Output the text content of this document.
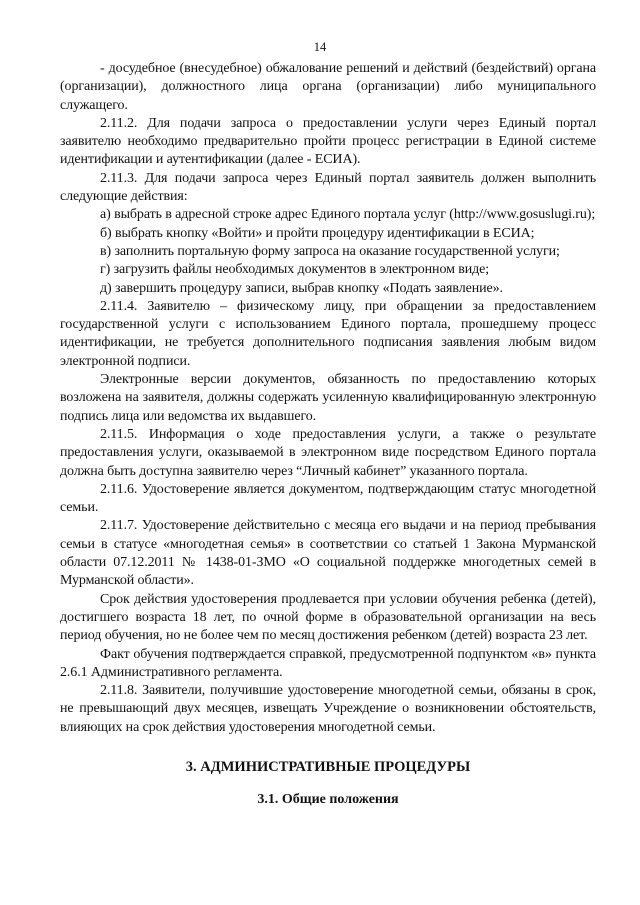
14

- досудебное (внесудебное) обжалование решений и действий (бездействий) органа (организации), должностного лица органа (организации) либо муниципального служащего.

2.11.2. Для подачи запроса о предоставлении услуги через Единый портал заявителю необходимо предварительно пройти процесс регистрации в Единой системе идентификации и аутентификации (далее - ЕСИА).

2.11.3. Для подачи запроса через Единый портал заявитель должен выполнить следующие действия:

а) выбрать в адресной строке адрес Единого портала услуг (http://www.gosuslugi.ru);

б) выбрать кнопку «Войти» и пройти процедуру идентификации в ЕСИА;

в) заполнить портальную форму запроса на оказание государственной услуги;

г) загрузить файлы необходимых документов в электронном виде;

д) завершить процедуру записи, выбрав кнопку «Подать заявление».

2.11.4. Заявителю – физическому лицу, при обращении за предоставлением государственной услуги с использованием Единого портала, прошедшему процесс идентификации, не требуется дополнительного подписания заявления любым видом электронной подписи.

Электронные версии документов, обязанность по предоставлению которых возложена на заявителя, должны содержать усиленную квалифицированную электронную подпись лица или ведомства их выдавшего.

2.11.5. Информация о ходе предоставления услуги, а также о результате предоставления услуги, оказываемой в электронном виде посредством Единого портала должна быть доступна заявителю через “Личный кабинет” указанного портала.

2.11.6. Удостоверение является документом, подтверждающим статус многодетной семьи.

2.11.7. Удостоверение действительно с месяца его выдачи и на период пребывания семьи в статусе «многодетная семья» в соответствии со статьей 1 Закона Мурманской области 07.12.2011 № 1438-01-ЗМО «О социальной поддержке многодетных семей в Мурманской области».

Срок действия удостоверения продлевается при условии обучения ребенка (детей), достигшего возраста 18 лет, по очной форме в образовательной организации на весь период обучения, но не более чем по месяц достижения ребенком (детей) возраста 23 лет.

Факт обучения подтверждается справкой, предусмотренной подпунктом «в» пункта 2.6.1 Административного регламента.

2.11.8. Заявители, получившие удостоверение многодетной семьи, обязаны в срок, не превышающий двух месяцев, извещать Учреждение о возникновении обстоятельств, влияющих на срок действия удостоверения многодетной семьи.

3. АДМИНИСТРАТИВНЫЕ ПРОЦЕДУРЫ
3.1. Общие положения
